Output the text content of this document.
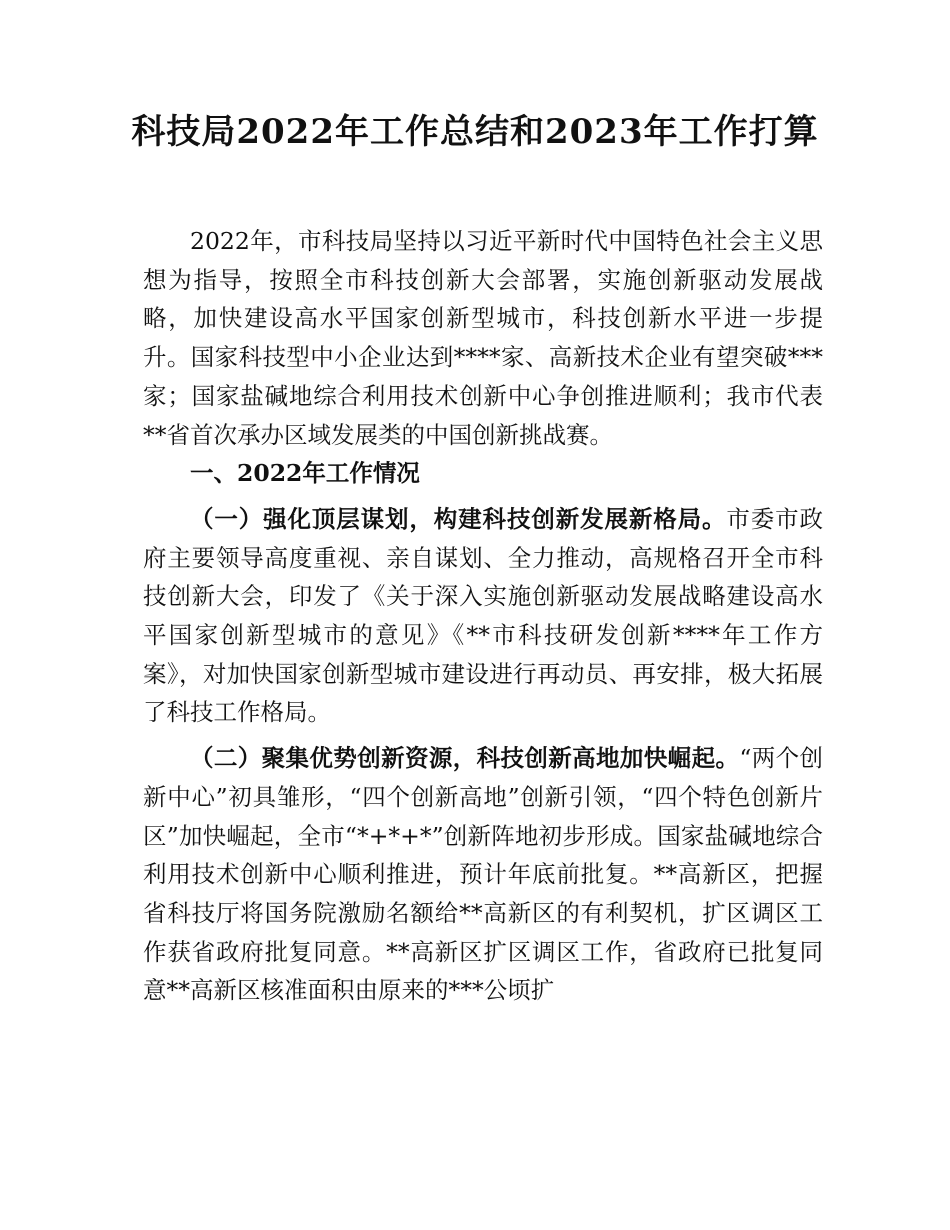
科技局2022年工作总结和2023年工作打算

2022年，市科技局坚持以习近平新时代中国特色社会主义思想为指导，按照全市科技创新大会部署，实施创新驱动发展战略，加快建设高水平国家创新型城市，科技创新水平进一步提升。国家科技型中小企业达到****家、高新技术企业有望突破***家；国家盐碱地综合利用技术创新中心争创推进顺利；我市代表**省首次承办区域发展类的中国创新挑战赛。

一、2022年工作情况

（一）强化顶层谋划，构建科技创新发展新格局。市委市政府主要领导高度重视、亲自谋划、全力推动，高规格召开全市科技创新大会，印发了《关于深入实施创新驱动发展战略建设高水平国家创新型城市的意见》《**市科技研发创新****年工作方案》，对加快国家创新型城市建设进行再动员、再安排，极大拓展了科技工作格局。

（二）聚集优势创新资源，科技创新高地加快崛起。“两个创新中心”初具雏形，“四个创新高地”创新引领，“四个特色创新片区”加快崛起，全市“*+*+*”创新阵地初步形成。国家盐碱地综合利用技术创新中心顺利推进，预计年底前批复。**高新区，把握省科技厅将国务院激励名额给**高新区的有利契机，扩区调区工作获省政府批复同意。**高新区扩区调区工作，省政府已批复同意**高新区核准面积由原来的***公顷扩
